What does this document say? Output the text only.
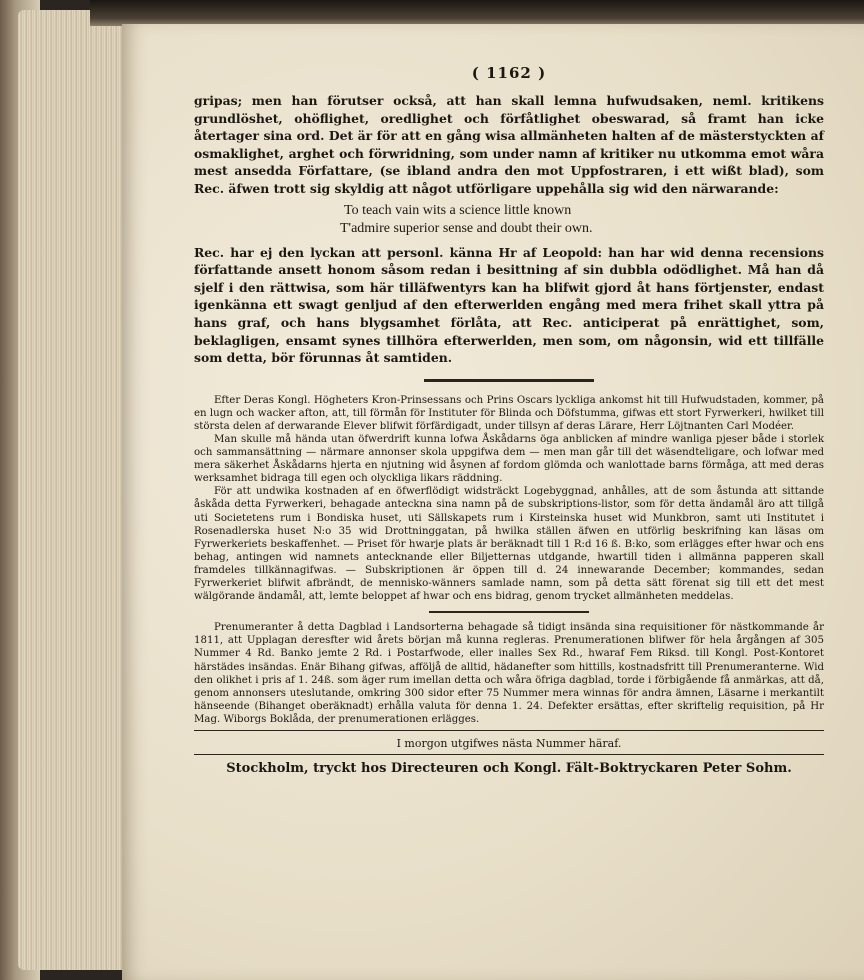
( 1162 )

gripas; men han förutser också, att han skall lemna hufwudsaken, neml. kritikens grundlöshet, ohöflighet, oredlighet och förfåtlighet obeswarad, så framt han icke återtager sina ord. Det är för att en gång wisa allmänheten halten af de mästerstyckten af osmaklighet, arghet och förwridning, som under namn af kritiker nu utkomma emot wåra mest ansedda Författare, (se ibland andra den mot Uppfostraren, i ett wißt blad), som Rec. äfwen trott sig skyldig att något utförligare uppehålla sig wid den närwarande:

To teach vain wits a science little known
T'admire superior sense and doubt their own.

Rec. har ej den lyckan att personl. känna Hr af Leopold: han har wid denna recensions författande ansett honom såsom redan i besittning af sin dubbla odödlighet. Må han då sjelf i den rättwisa, som här tilläfwentyrs kan ha blifwit gjord åt hans förtjenster, endast igenkänna ett swagt genljud af den efterwerlden engång med mera frihet skall yttra på hans graf, och hans blygsamhet förlåta, att Rec. anticiperat på enrättighet, som, beklagligen, ensamt synes tillhöra efterwerlden, men som, om någonsin, wid ett tillfälle som detta, bör förunnas åt samtiden.

Efter Deras Kongl. Högheters Kron-Prinsessans och Prins Oscars lyckliga ankomst hit till Hufwudstaden, kommer, på en lugn och wacker afton, att, till förmån för Instituter för Blinda och Döfstumma, gifwas ett stort Fyrwerkeri, hwilket till största delen af derwarande Elever blifwit förfärdigadt, under tillsyn af deras Lärare, Herr Löjtnanten Carl Modéer.

Man skulle må hända utan öfwerdrift kunna lofwa Åskådarns öga anblicken af mindre wanliga pjeser både i storlek och sammansättning — närmare annonser skola uppgifwa dem — men man går till det wäsendteligare, och lofwar med mera säkerhet Åskådarns hjerta en njutning wid åsynen af fordom glömda och wanlottade barns förmåga, att med deras werksamhet bidraga till egen och olyckliga likars räddning.

För att undwika kostnaden af en öfwerflödigt widsträckt Logebyggnad, anhålles, att de som åstunda att sittande åskåda detta Fyrwerkeri, behagade anteckna sina namn på de subskriptions-listor, som för detta ändamål äro att tillgå uti Societetens rum i Bondiska huset, uti Sällskapets rum i Kirsteinska huset wid Munkbron, samt uti Institutet i Rosenadlerska huset N:o 35 wid Drottninggatan, på hwilka ställen äfwen en utförlig beskrifning kan läsas om Fyrwerkeriets beskaffenhet. — Priset för hwarje plats är beräknadt till 1 R:d 16 ß. B:ko, som erlägges efter hwar och ens behag, antingen wid namnets antecknande eller Biljetternas utdgande, hwartill tiden i allmänna papperen skall framdeles tillkännagifwas. — Subskriptionen är öppen till d. 24 innewarande December; kommandes, sedan Fyrwerkeriet blifwit afbrändt, de mennisko-wänners samlade namn, som på detta sätt förenat sig till ett det mest wälgörande ändamål, att, lemte beloppet af hwar och ens bidrag, genom trycket allmänheten meddelas.

Prenumeranter å detta Dagblad i Landsorterna behagade så tidigt insända sina requisitioner för nästkommande år 1811, att Upplagan deresfter wid årets början må kunna regleras. Prenumerationen blifwer för hela årgången af 305 Nummer 4 Rd. Banko jemte 2 Rd. i Postarfwode, eller inalles Sex Rd., hwaraf Fem Riksd. till Kongl. Post-Kontoret härstädes insändas. Enär Bihang gifwas, afföljå de alltid, hädanefter som hittills, kostnadsfritt till Prenumeranterne. Wid den olikhet i pris af 1. 24ß. som äger rum imellan detta och wåra öfriga dagblad, torde i förbigående få anmärkas, att då, genom annonsers uteslutande, omkring 300 sidor efter 75 Nummer mera winnas för andra ämnen, Läsarne i merkantilt hänseende (Bihanget oberäknadt) erhålla valuta för denna 1. 24. Defekter ersättas, efter skriftelig requisition, på Hr Mag. Wiborgs Boklåda, der prenumerationen erlägges.

I morgon utgifwes nästa Nummer häraf.
Stockholm, tryckt hos Directeuren och Kongl. Fält-Boktryckaren Peter Sohm.
